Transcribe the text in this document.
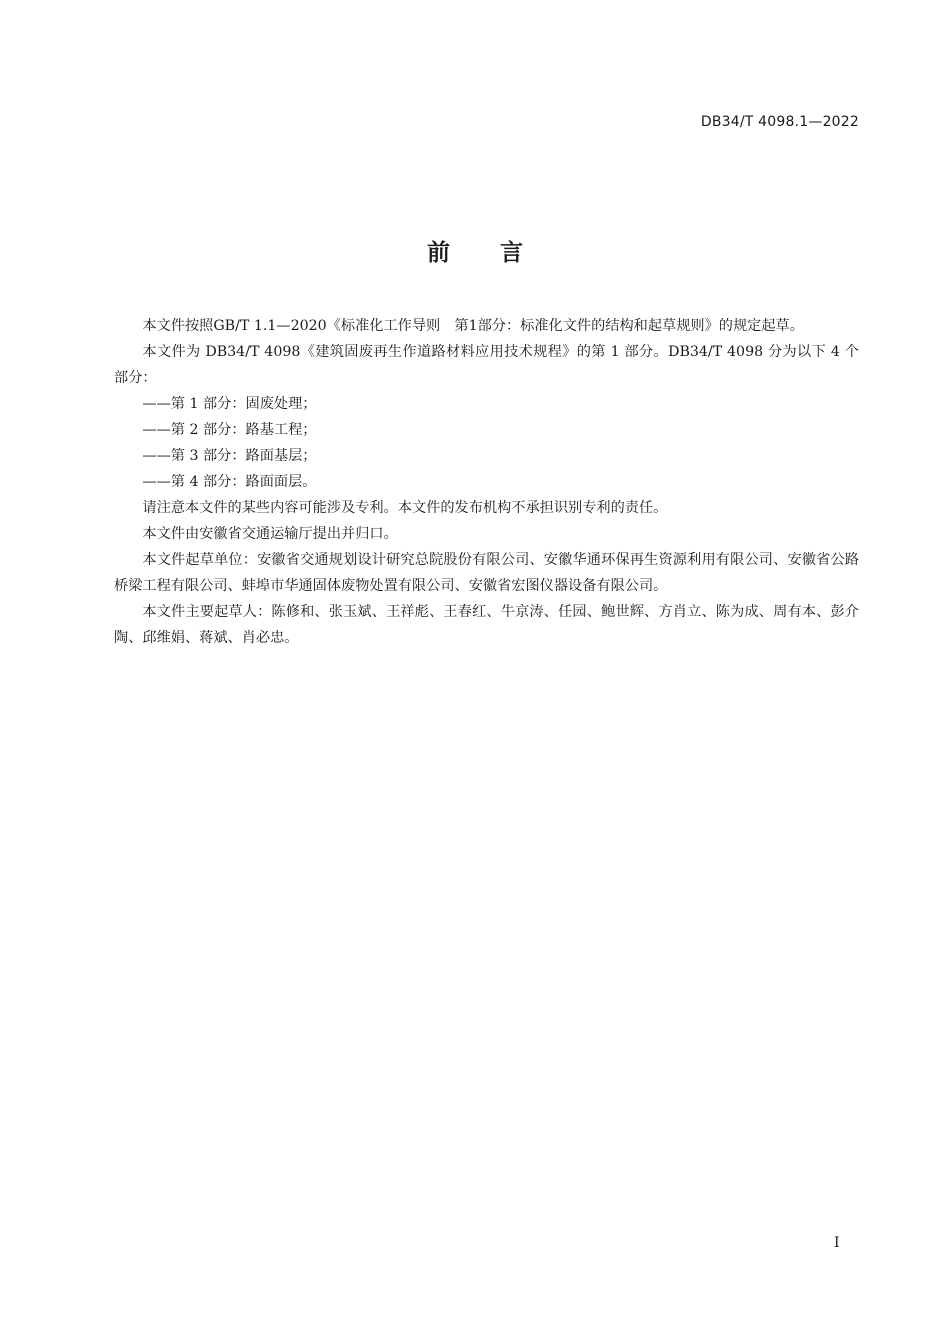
DB34/T 4098.1—2022
前 言

本文件按照GB/T 1.1—2020《标准化工作导则　第1部分：标准化文件的结构和起草规则》的规定起草。

本文件为 DB34/T 4098《建筑固废再生作道路材料应用技术规程》的第 1 部分。DB34/T 4098 分为以下 4 个部分：

——第 1 部分：固废处理；

——第 2 部分：路基工程；

——第 3 部分：路面基层；

——第 4 部分：路面面层。

请注意本文件的某些内容可能涉及专利。本文件的发布机构不承担识别专利的责任。

本文件由安徽省交通运输厅提出并归口。

本文件起草单位：安徽省交通规划设计研究总院股份有限公司、安徽华通环保再生资源利用有限公司、安徽省公路桥梁工程有限公司、蚌埠市华通固体废物处置有限公司、安徽省宏图仪器设备有限公司。

本文件主要起草人：陈修和、张玉斌、王祥彪、王春红、牛京涛、任园、鲍世辉、方肖立、陈为成、周有本、彭介陶、邱维娟、蒋斌、肖必忠。

I
